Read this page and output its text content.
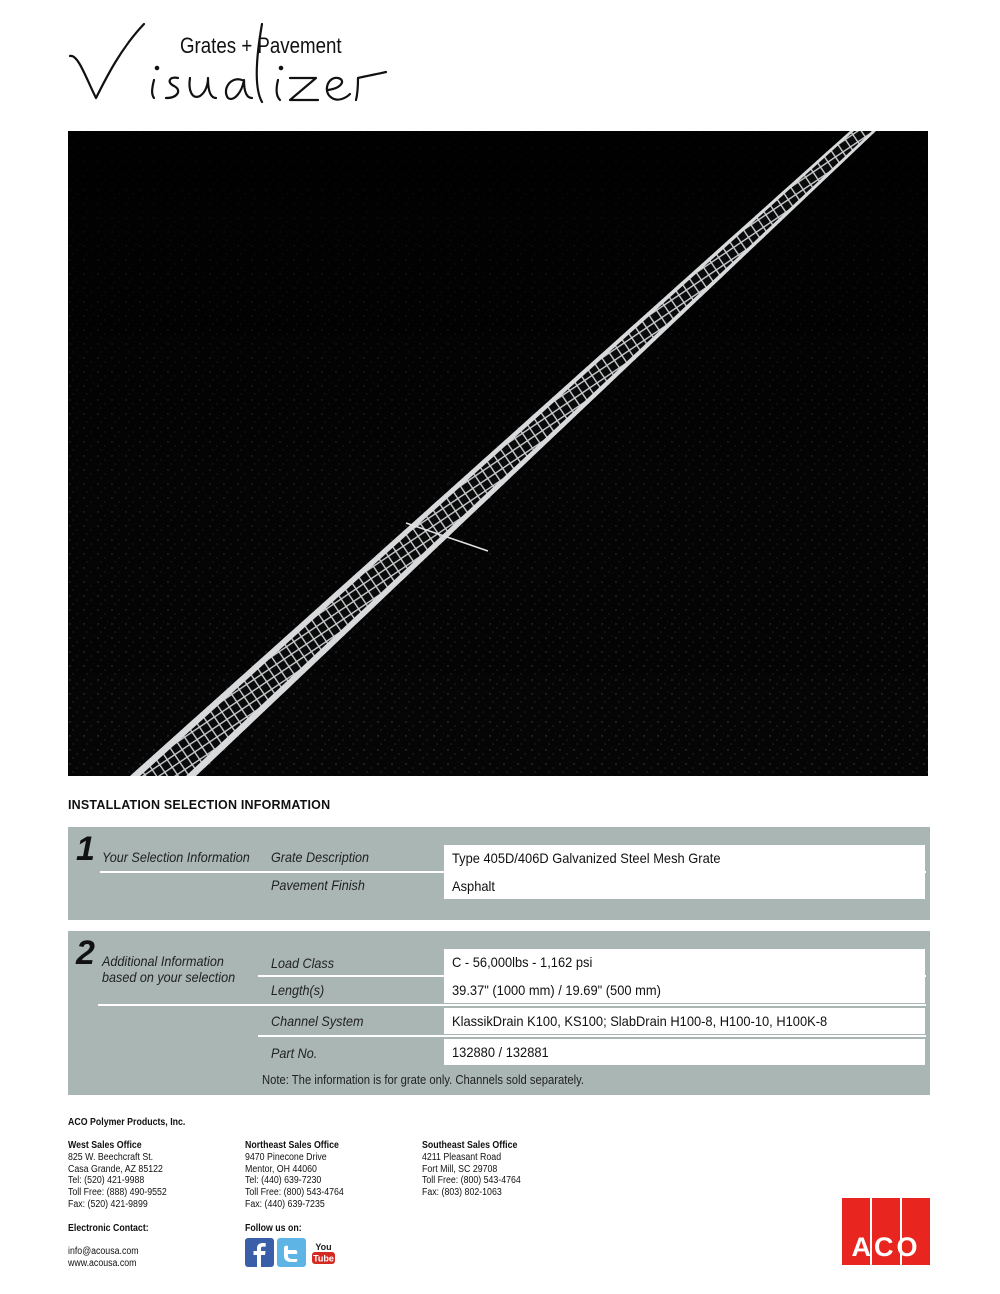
Grates + Pavement
INSTALLATION SELECTION INFORMATION
1 Your Selection Information Grate Description	Type 405D/406D Galvanized Steel Mesh Grate
Pavement Finish	Asphalt
2 Additional Information
based on your selection
Load Class	C - 56,000lbs - 1,162 psi
Length(s)	39.37" (1000 mm) / 19.69" (500 mm)
Channel System	KlassikDrain K100, KS100; SlabDrain H100-8, H100-10, H100K-8
Part No.	132880 / 132881
Note: The information is for grate only. Channels sold separately.
ACO Polymer Products, Inc.
West Sales Office
825 W. Beechcraft St.
Casa Grande, AZ 85122
Tel: (520) 421-9988
Toll Free: (888) 490-9552
Fax: (520) 421-9899
Northeast Sales Office
9470 Pinecone Drive
Mentor, OH 44060
Tel: (440) 639-7230
Toll Free: (800) 543-4764
Fax: (440) 639-7235
Southeast Sales Office
4211 Pleasant Road
Fort Mill, SC 29708
Toll Free: (800) 543-4764
Fax: (803) 802-1063
Electronic Contact:
info@acousa.com
www.acousa.com
Follow us on:
You
Tube	ACO
